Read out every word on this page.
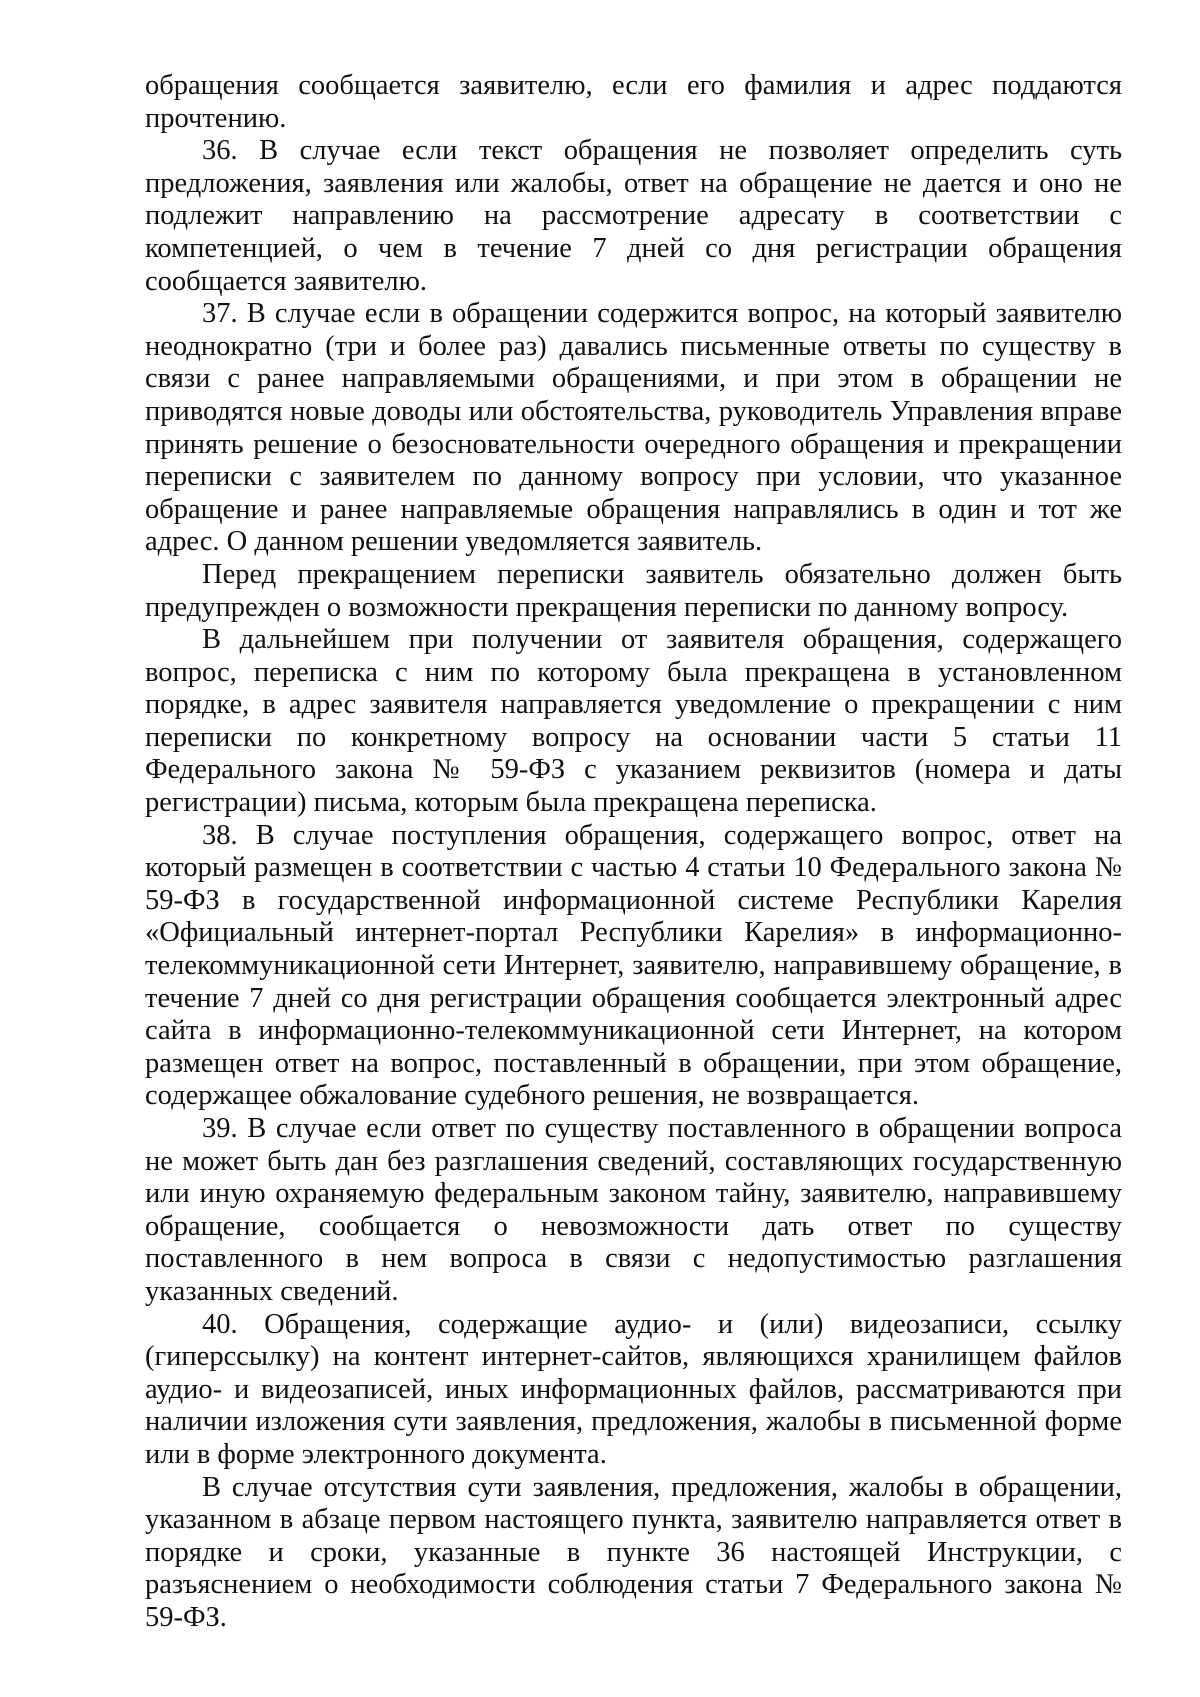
обращения сообщается заявителю, если его фамилия и адрес поддаются прочтению.

36. В случае если текст обращения не позволяет определить суть предложения, заявления или жалобы, ответ на обращение не дается и оно не подлежит направлению на рассмотрение адресату в соответствии с компетенцией, о чем в течение 7 дней со дня регистрации обращения сообщается заявителю.

37. В случае если в обращении содержится вопрос, на который заявителю неоднократно (три и более раз) давались письменные ответы по существу в связи с ранее направляемыми обращениями, и при этом в обращении не приводятся новые доводы или обстоятельства, руководитель Управления вправе принять решение о безосновательности очередного обращения и прекращении переписки с заявителем по данному вопросу при условии, что указанное обращение и ранее направляемые обращения направлялись в один и тот же адрес. О данном решении уведомляется заявитель.

Перед прекращением переписки заявитель обязательно должен быть предупрежден о возможности прекращения переписки по данному вопросу.

В дальнейшем при получении от заявителя обращения, содержащего вопрос, переписка с ним по которому была прекращена в установленном порядке, в адрес заявителя направляется уведомление о прекращении с ним переписки по конкретному вопросу на основании части 5 статьи 11 Федерального закона № 59-ФЗ с указанием реквизитов (номера и даты регистрации) письма, которым была прекращена переписка.

38. В случае поступления обращения, содержащего вопрос, ответ на который размещен в соответствии с частью 4 статьи 10 Федерального закона № 59-ФЗ в государственной информационной системе Республики Карелия «Официальный интернет-портал Республики Карелия» в информационно-телекоммуникационной сети Интернет, заявителю, направившему обращение, в течение 7 дней со дня регистрации обращения сообщается электронный адрес сайта в информационно-телекоммуникационной сети Интернет, на котором размещен ответ на вопрос, поставленный в обращении, при этом обращение, содержащее обжалование судебного решения, не возвращается.

39. В случае если ответ по существу поставленного в обращении вопроса не может быть дан без разглашения сведений, составляющих государственную или иную охраняемую федеральным законом тайну, заявителю, направившему обращение, сообщается о невозможности дать ответ по существу поставленного в нем вопроса в связи с недопустимостью разглашения указанных сведений.

40. Обращения, содержащие аудио- и (или) видеозаписи, ссылку (гиперссылку) на контент интернет-сайтов, являющихся хранилищем файлов аудио- и видеозаписей, иных информационных файлов, рассматриваются при наличии изложения сути заявления, предложения, жалобы в письменной форме или в форме электронного документа.

В случае отсутствия сути заявления, предложения, жалобы в обращении, указанном в абзаце первом настоящего пункта, заявителю направляется ответ в порядке и сроки, указанные в пункте 36 настоящей Инструкции, с разъяснением о необходимости соблюдения статьи 7 Федерального закона № 59-ФЗ.
